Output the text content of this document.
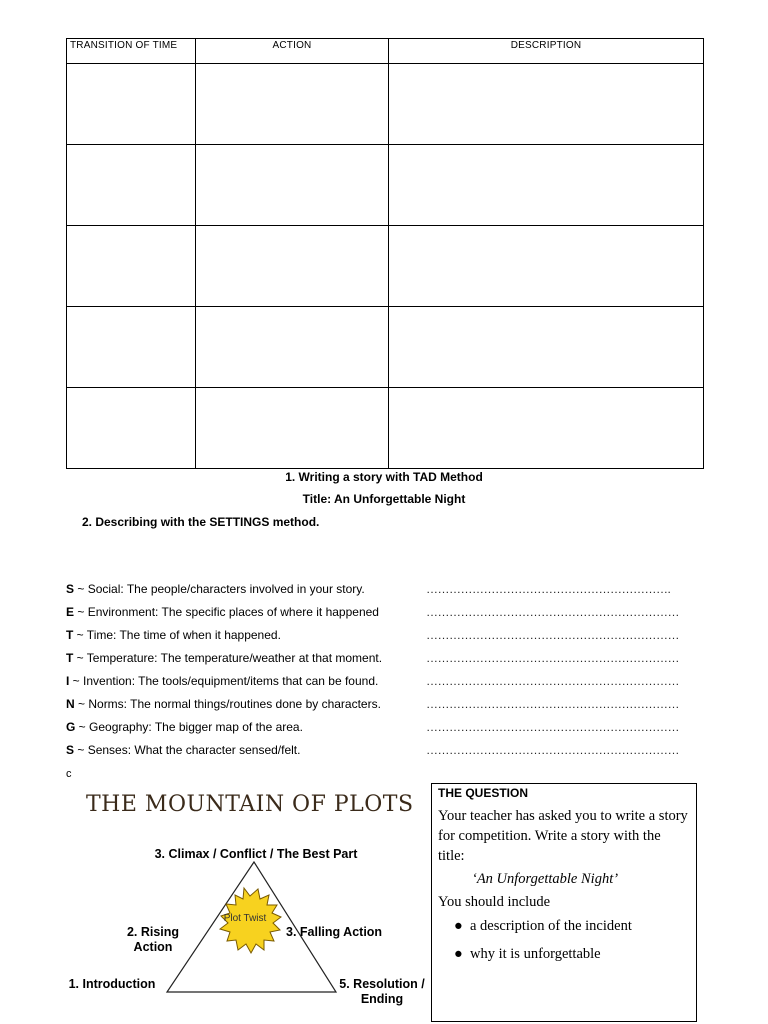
TRANSITION OF TIME	ACTION	DESCRIPTION

1. Writing a story with TAD Method
Title: An Unforgettable Night
2. Describing with the SETTINGS method.
S ~ Social: The people/characters involved in your story.	……………………………………………………….
E ~ Environment: The specific places of where it happened	…………………………………………………………
T ~ Time: The time of when it happened.	…………………………………………………………
T ~ Temperature: The temperature/weather at that moment.	…………………………………………………………
I ~ Invention: The tools/equipment/items that can be found.	…………………………………………………………
N ~ Norms: The normal things/routines done by characters.	…………………………………………………………
G ~ Geography: The bigger map of the area.	…………………………………………………………
S ~ Senses: What the character sensed/felt.	…………………………………………………………
c
THE MOUNTAIN OF PLOTS
Plot Twist
3. Climax / Conflict / The Best Part
2. Rising Action
3. Falling Action
1. Introduction	5. Resolution / Ending
THE QUESTION
Your teacher has asked you to write a story for competition. Write a story with the title:
‘An Unforgettable Night’
You should include
● a description of the incident
● why it is unforgettable
